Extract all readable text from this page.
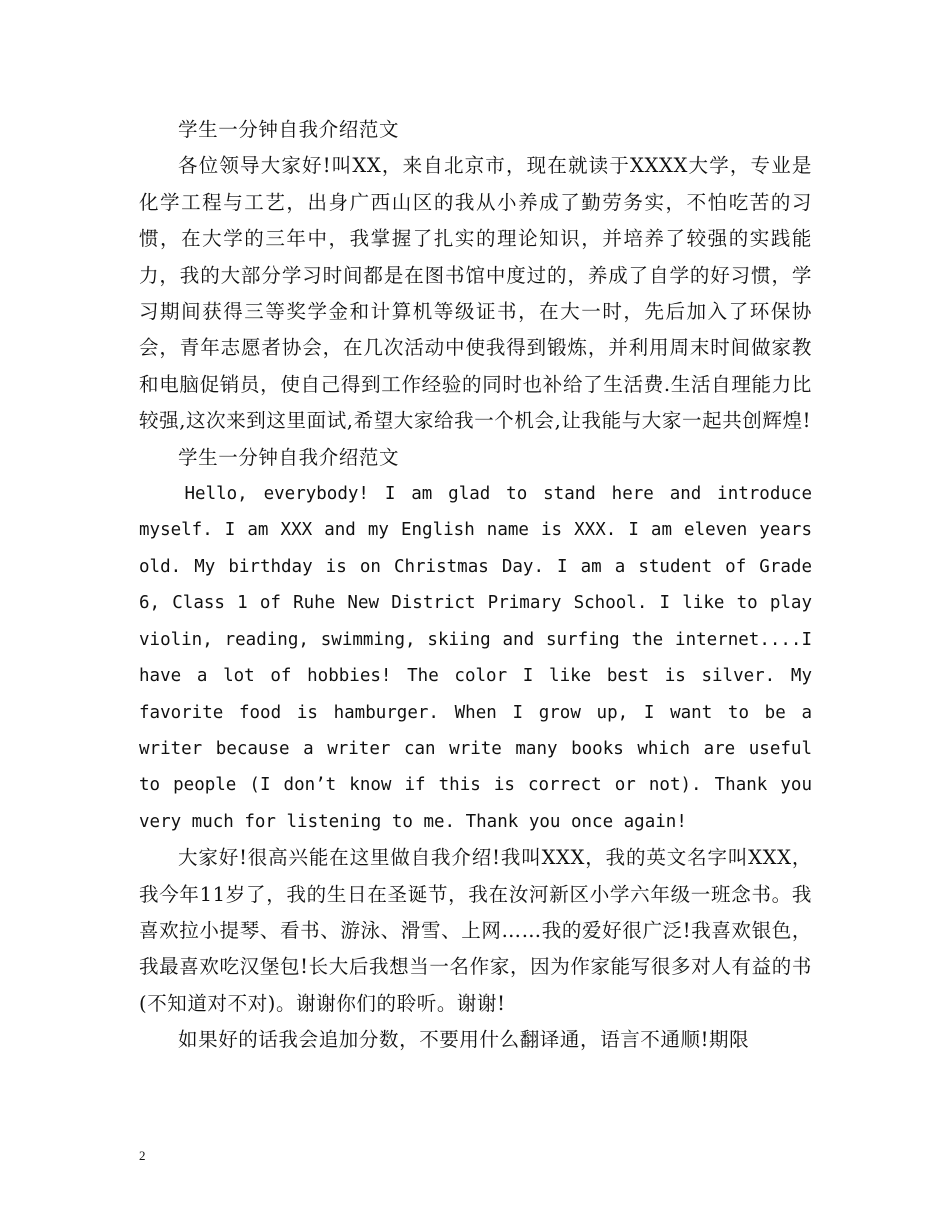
学生一分钟自我介绍范文

各位领导大家好!叫XX，来自北京市，现在就读于XXXX大学，专业是化学工程与工艺，出身广西山区的我从小养成了勤劳务实，不怕吃苦的习惯，在大学的三年中，我掌握了扎实的理论知识，并培养了较强的实践能力，我的大部分学习时间都是在图书馆中度过的，养成了自学的好习惯，学习期间获得三等奖学金和计算机等级证书，在大一时，先后加入了环保协会，青年志愿者协会，在几次活动中使我得到锻炼，并利用周末时间做家教和电脑促销员，使自己得到工作经验的同时也补给了生活费.生活自理能力比较强,这次来到这里面试,希望大家给我一个机会,让我能与大家一起共创辉煌!

学生一分钟自我介绍范文

Hello, everybody! I am glad to stand here and introduce myself. I am XXX and my English name is XXX. I am eleven years old. My birthday is on Christmas Day. I am a student of Grade 6, Class 1 of Ruhe New District Primary School. I like to play violin, reading, swimming, skiing and surfing the internet....I have a lot of hobbies! The color I like best is silver. My favorite food is hamburger. When I grow up, I want to be a writer because a writer can write many books which are useful to people (I don’t know if this is correct or not). Thank you very much for listening to me. Thank you once again!

大家好!很高兴能在这里做自我介绍!我叫XXX，我的英文名字叫XXX，我今年11岁了，我的生日在圣诞节，我在汝河新区小学六年级一班念书。我喜欢拉小提琴、看书、游泳、滑雪、上网……我的爱好很广泛!我喜欢银色，我最喜欢吃汉堡包!长大后我想当一名作家，因为作家能写很多对人有益的书(不知道对不对)。谢谢你们的聆听。谢谢!

如果好的话我会追加分数，不要用什么翻译通，语言不通顺!期限

2
